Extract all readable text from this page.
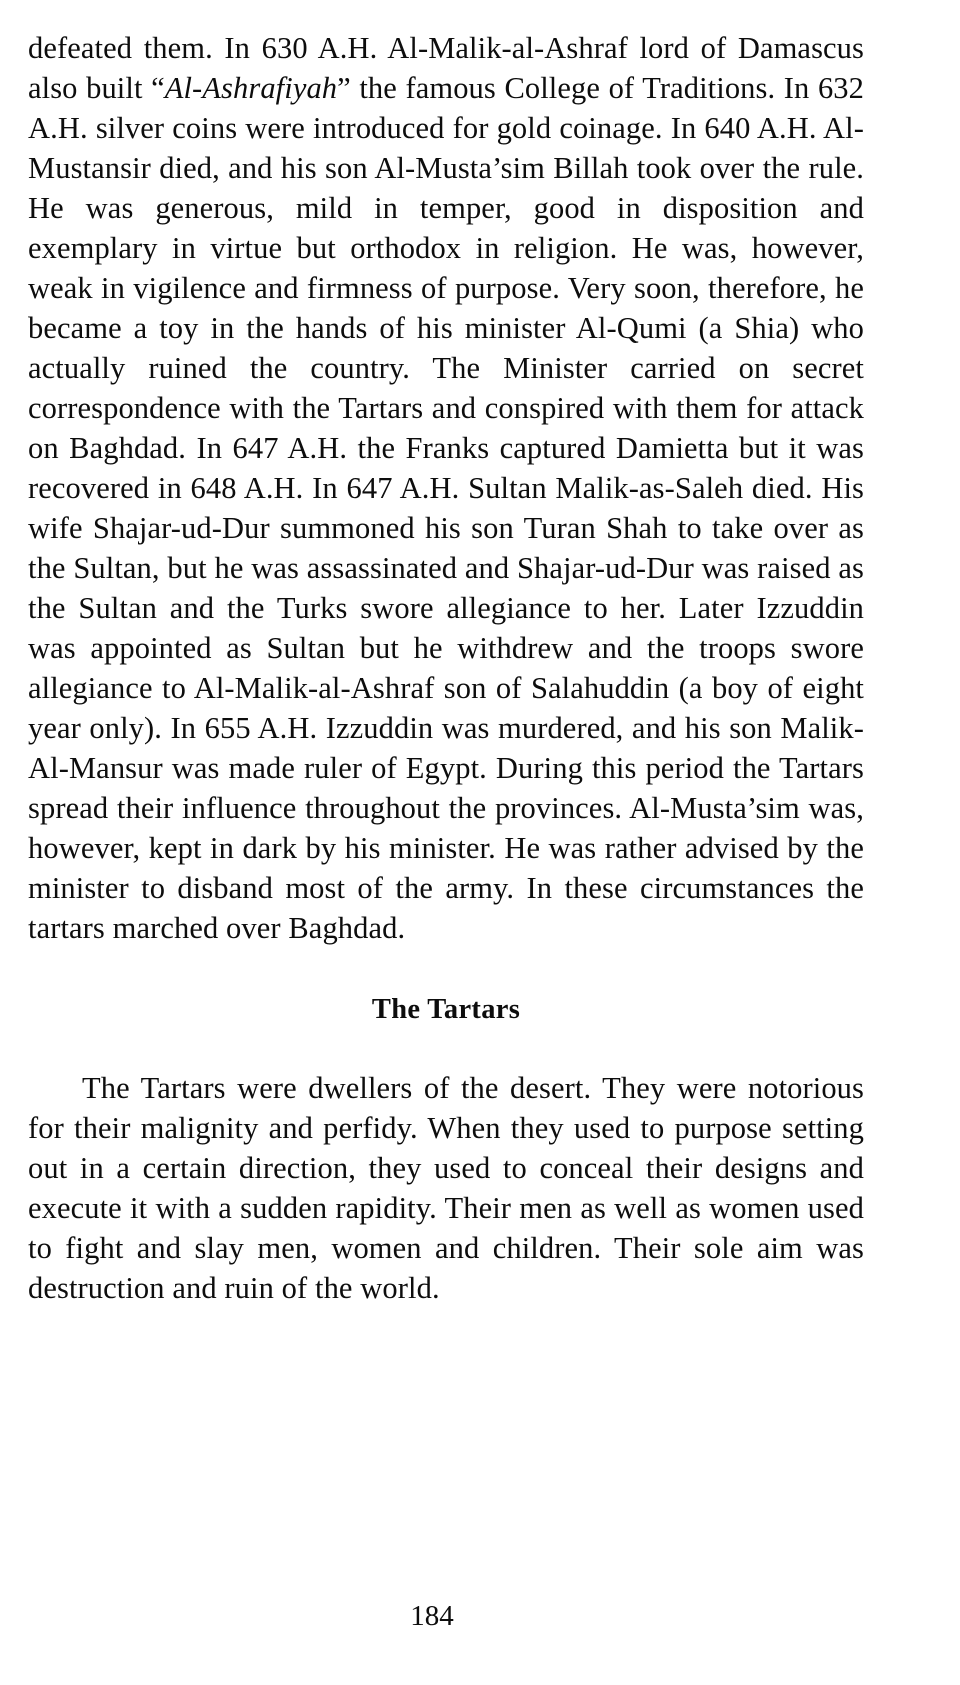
defeated them. In 630 A.H. Al-Malik-al-Ashraf lord of Damascus also built “Al-Ashrafiyah” the famous College of Traditions. In 632 A.H. silver coins were introduced for gold coinage. In 640 A.H. Al-Mustansir died, and his son Al-Musta’sim Billah took over the rule. He was generous, mild in temper, good in disposition and exemplary in virtue but orthodox in religion. He was, however, weak in vigilence and firmness of purpose. Very soon, therefore, he became a toy in the hands of his minister Al-Qumi (a Shia) who actually ruined the country. The Minister carried on secret correspondence with the Tartars and conspired with them for attack on Baghdad. In 647 A.H. the Franks captured Damietta but it was recovered in 648 A.H. In 647 A.H. Sultan Malik-as-Saleh died. His wife Shajar-ud-Dur summoned his son Turan Shah to take over as the Sultan, but he was assassinated and Shajar-ud-Dur was raised as the Sultan and the Turks swore allegiance to her. Later Izzuddin was appointed as Sultan but he withdrew and the troops swore allegiance to Al-Malik-al-Ashraf son of Salahuddin (a boy of eight year only). In 655 A.H. Izzuddin was murdered, and his son Malik-Al-Mansur was made ruler of Egypt. During this period the Tartars spread their influence throughout the provinces. Al-Musta’sim was, however, kept in dark by his minister. He was rather advised by the minister to disband most of the army. In these circumstances the tartars marched over Baghdad.

The Tartars

The Tartars were dwellers of the desert. They were notorious for their malignity and perfidy. When they used to purpose setting out in a certain direction, they used to conceal their designs and execute it with a sudden rapidity. Their men as well as women used to fight and slay men, women and children. Their sole aim was destruction and ruin of the world.

184
